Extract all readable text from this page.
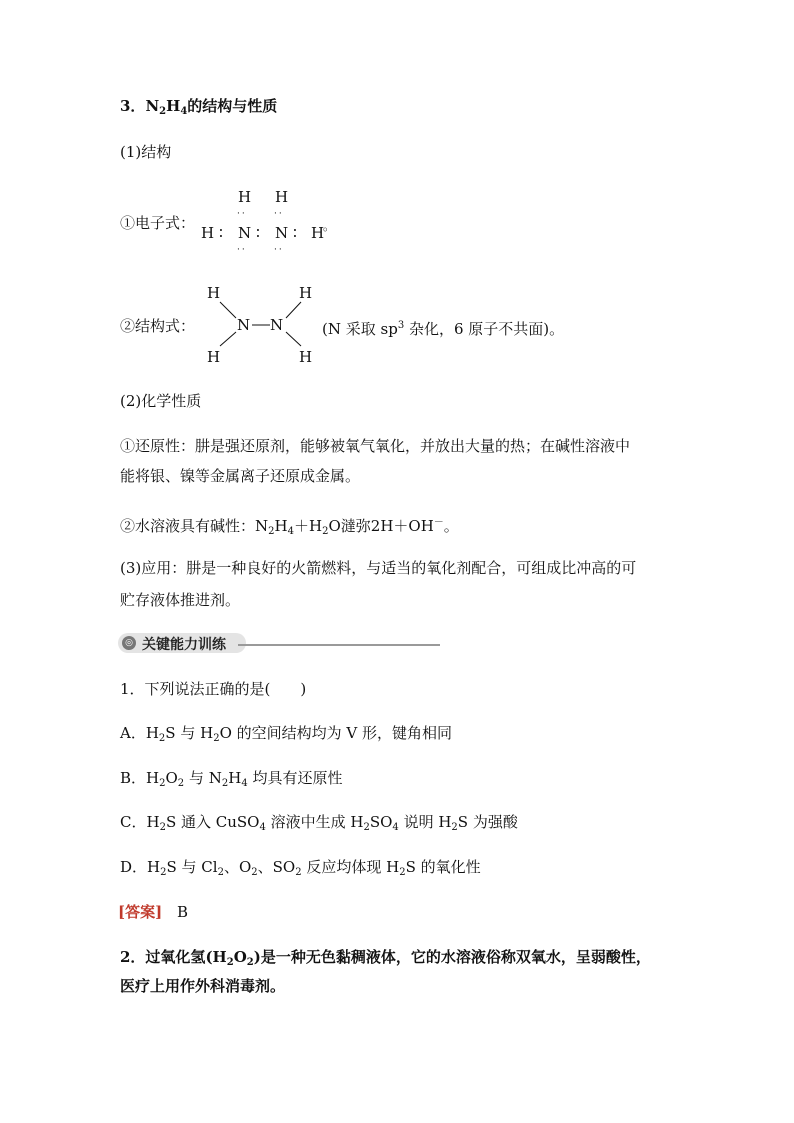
3．$N_2H_4$的结构与性质
(1)结构
①电子式：
H H
··	··
H ∶ N ∶ N ∶ H
。
··	··
②结构式：
H	H
N N
H	H
(N 采取 $sp^3$ 杂化，6 原子不共面)。
(2)化学性质
①还原性：肼是强还原剂，能够被氧气氧化，并放出大量的热；在碱性溶液中
能将银、镍等金属离子还原成金属。
②水溶液具有碱性：$N_2H_4+H_2O$澾弥2H＋OH－。
(3)应用：肼是一种良好的火箭燃料，与适当的氧化剂配合，可组成比冲高的可
贮存液体推进剂。
◎ 关键能力训练
1．下列说法正确的是(　　)
A．$H_2S$ 与 $H_2O$ 的空间结构均为 V 形，键角相同
B．$H_2O_2$ 与 $N_2H_4$ 均具有还原性
C．$H_2S$ 通入 CuSO$_4$ 溶液中生成 $H_2SO_4$ 说明 $H_2S$ 为强酸
D．$H_2S$ 与 $Cl_2$、$O_2$、$SO_2$ 反应均体现 $H_2S$ 的氧化性
[答案] B
2．过氧化氢$(H_2O_2)$是一种无色黏稠液体，它的水溶液俗称双氧水，呈弱酸性，
医疗上用作外科消毒剂。
